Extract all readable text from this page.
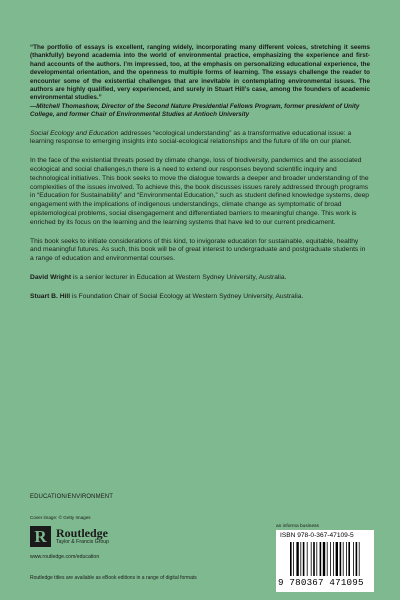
“The portfolio of essays is excellent, ranging widely, incorporating many different voices, stretching it seems (thankfully) beyond academia into the world of environmental practice, emphasizing the experience and first-hand accounts of the authors. I’m impressed, too, at the emphasis on personalizing educational experience, the developmental orientation, and the openness to multiple forms of learning. The essays challenge the reader to encounter some of the existential challenges that are inevitable in contemplating environmental issues. The authors are highly qualified, very experienced, and surely in Stuart Hill’s case, among the founders of academic environmental studies.”

—Mitchell Thomashow, Director of the Second Nature Presidential Fellows Program, former president of Unity College, and former Chair of Environmental Studies at Antioch University

Social Ecology and Education addresses “ecological understanding” as a transformative educational issue: a learning response to emerging insights into social-ecological relationships and the future of life on our planet.

In the face of the existential threats posed by climate change, loss of biodiversity, pandemics and the associated ecological and social challenges,n there is a need to extend our responses beyond scientific inquiry and technological initiatives. This book seeks to move the dialogue towards a deeper and broader understanding of the complexities of the issues involved. To achieve this, the book discusses issues rarely addressed through programs in “Education for Sustainability” and “Environmental Education,” such as student defined knowledge systems, deep engagement with the implications of indigenous understandings, climate change as symptomatic of broad epistemological problems, social disengagement and differentiated barriers to meaningful change. This work is enriched by its focus on the learning and the learning systems that have led to our current predicament.

This book seeks to initiate considerations of this kind, to invigorate education for sustainable, equitable, healthy and meaningful futures. As such, this book will be of great interest to undergraduate and postgraduate students in a range of education and environmental courses.

David Wright is a senior lecturer in Education at Western Sydney University, Australia.

Stuart B. Hill is Foundation Chair of Social Ecology at Western Sydney University, Australia.

EDUCATION/ENVIRONMENT
Cover image: © Getty Images
R Routledge
Taylor & Francis Group
www.routledge.com/education
Routledge titles are available as eBook editions in a range of digital formats
an informa business
ISBN 978-0-367-47109-5
9 780367 471095
